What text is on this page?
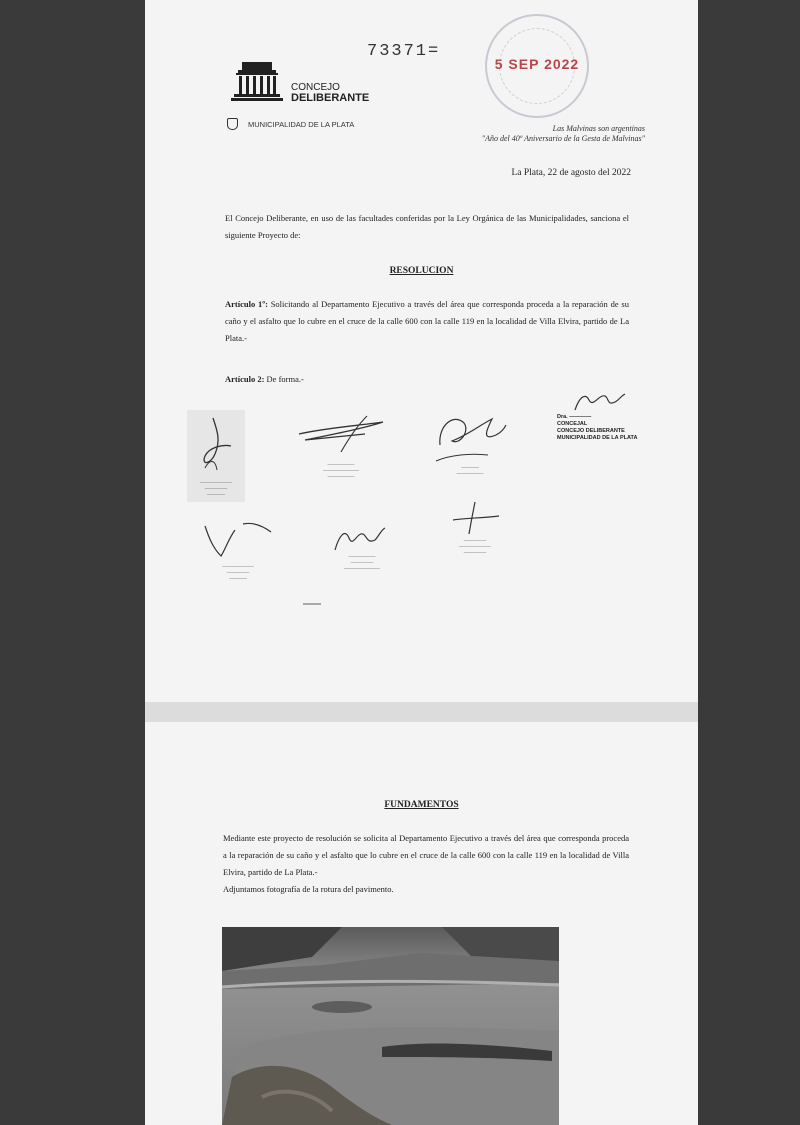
73371=
5 SEP 2022
CONCEJO
DELIBERANTE
MUNICIPALIDAD DE LA PLATA	Las Malvinas son argentinas
"Año del 40º Aniversario de la Gesta de Malvinas"
La Plata, 22 de agosto del 2022
El Concejo Deliberante, en uso de las facultades conferidas por la Ley Orgánica de las Municipalidades, sanciona el siguiente Proyecto de:
RESOLUCION
Artículo 1º: Solicitando al Departamento Ejecutivo a través del área que corresponda proceda a la reparación de su caño y el asfalto que lo cubre en el cruce de la calle 600 con la calle 119 en la localidad de Villa Elvira, partido de La Plata.-
Artículo 2: De forma.-
———————
—————
————
——————
————————
——————
————
——————
Dra. ————
CONCEJAL
CONCEJO DELIBERANTE
MUNICIPALIDAD DE LA PLATA
———————
—————
————
——————
—————
————————
—————
———————
—————
FUNDAMENTOS
Mediante este proyecto de resolución se solicita al Departamento Ejecutivo a través del área que corresponda proceda a la reparación de su caño y el asfalto que lo cubre en el cruce de la calle 600 con la calle 119 en la localidad de Villa Elvira, partido de La Plata.-
Adjuntamos fotografía de la rotura del pavimento.
